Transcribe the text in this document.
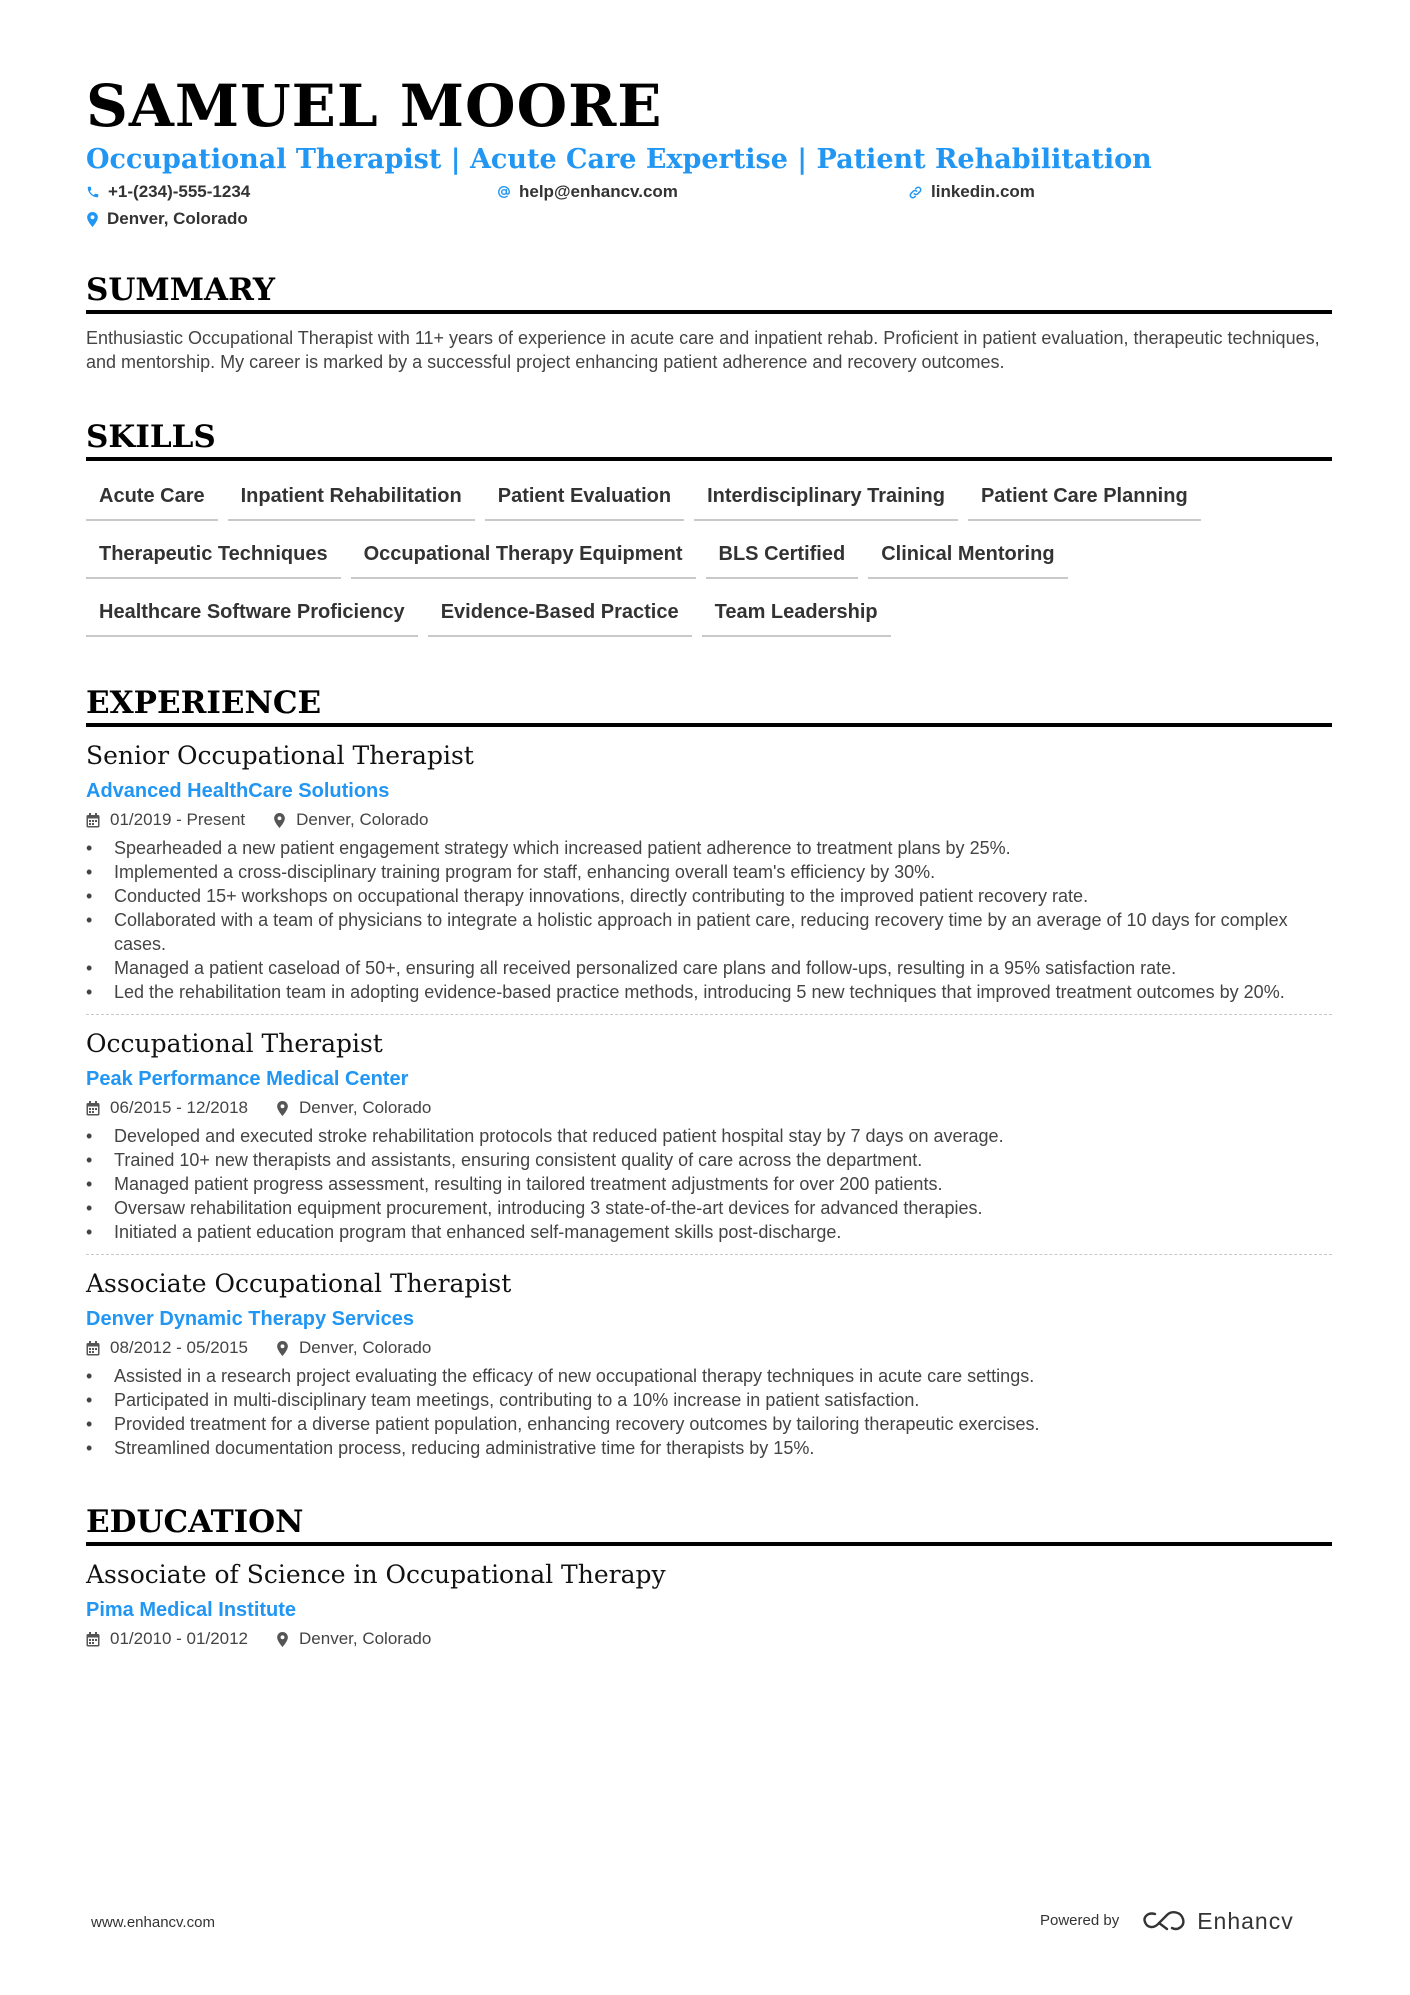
SAMUEL MOORE
Occupational Therapist | Acute Care Expertise | Patient Rehabilitation
+1-(234)-555-1234	help@enhancv.com	linkedin.com
Denver, Colorado
SUMMARY
Enthusiastic Occupational Therapist with 11+ years of experience in acute care and inpatient rehab. Proficient in patient evaluation, therapeutic techniques, and mentorship. My career is marked by a successful project enhancing patient adherence and recovery outcomes.
SKILLS
Acute Care	Inpatient Rehabilitation	Patient Evaluation	Interdisciplinary Training	Patient Care Planning
Therapeutic Techniques	Occupational Therapy Equipment	BLS Certified	Clinical Mentoring
Healthcare Software Proficiency	Evidence-Based Practice	Team Leadership
EXPERIENCE
Senior Occupational Therapist
Advanced HealthCare Solutions
01/2019 - Present	Denver, Colorado
• Spearheaded a new patient engagement strategy which increased patient adherence to treatment plans by 25%.
• Implemented a cross-disciplinary training program for staff, enhancing overall team's efficiency by 30%.
• Conducted 15+ workshops on occupational therapy innovations, directly contributing to the improved patient recovery rate.
• Collaborated with a team of physicians to integrate a holistic approach in patient care, reducing recovery time by an average of 10 days for complex cases.
• Managed a patient caseload of 50+, ensuring all received personalized care plans and follow-ups, resulting in a 95% satisfaction rate.
• Led the rehabilitation team in adopting evidence-based practice methods, introducing 5 new techniques that improved treatment outcomes by 20%.
Occupational Therapist
Peak Performance Medical Center
06/2015 - 12/2018	Denver, Colorado
• Developed and executed stroke rehabilitation protocols that reduced patient hospital stay by 7 days on average.
• Trained 10+ new therapists and assistants, ensuring consistent quality of care across the department.
• Managed patient progress assessment, resulting in tailored treatment adjustments for over 200 patients.
• Oversaw rehabilitation equipment procurement, introducing 3 state-of-the-art devices for advanced therapies.
• Initiated a patient education program that enhanced self-management skills post-discharge.
Associate Occupational Therapist
Denver Dynamic Therapy Services
08/2012 - 05/2015	Denver, Colorado
• Assisted in a research project evaluating the efficacy of new occupational therapy techniques in acute care settings.
• Participated in multi-disciplinary team meetings, contributing to a 10% increase in patient satisfaction.
• Provided treatment for a diverse patient population, enhancing recovery outcomes by tailoring therapeutic exercises.
• Streamlined documentation process, reducing administrative time for therapists by 15%.
EDUCATION
Associate of Science in Occupational Therapy
Pima Medical Institute
01/2010 - 01/2012	Denver, Colorado
www.enhancv.com	Powered by	Enhancv
